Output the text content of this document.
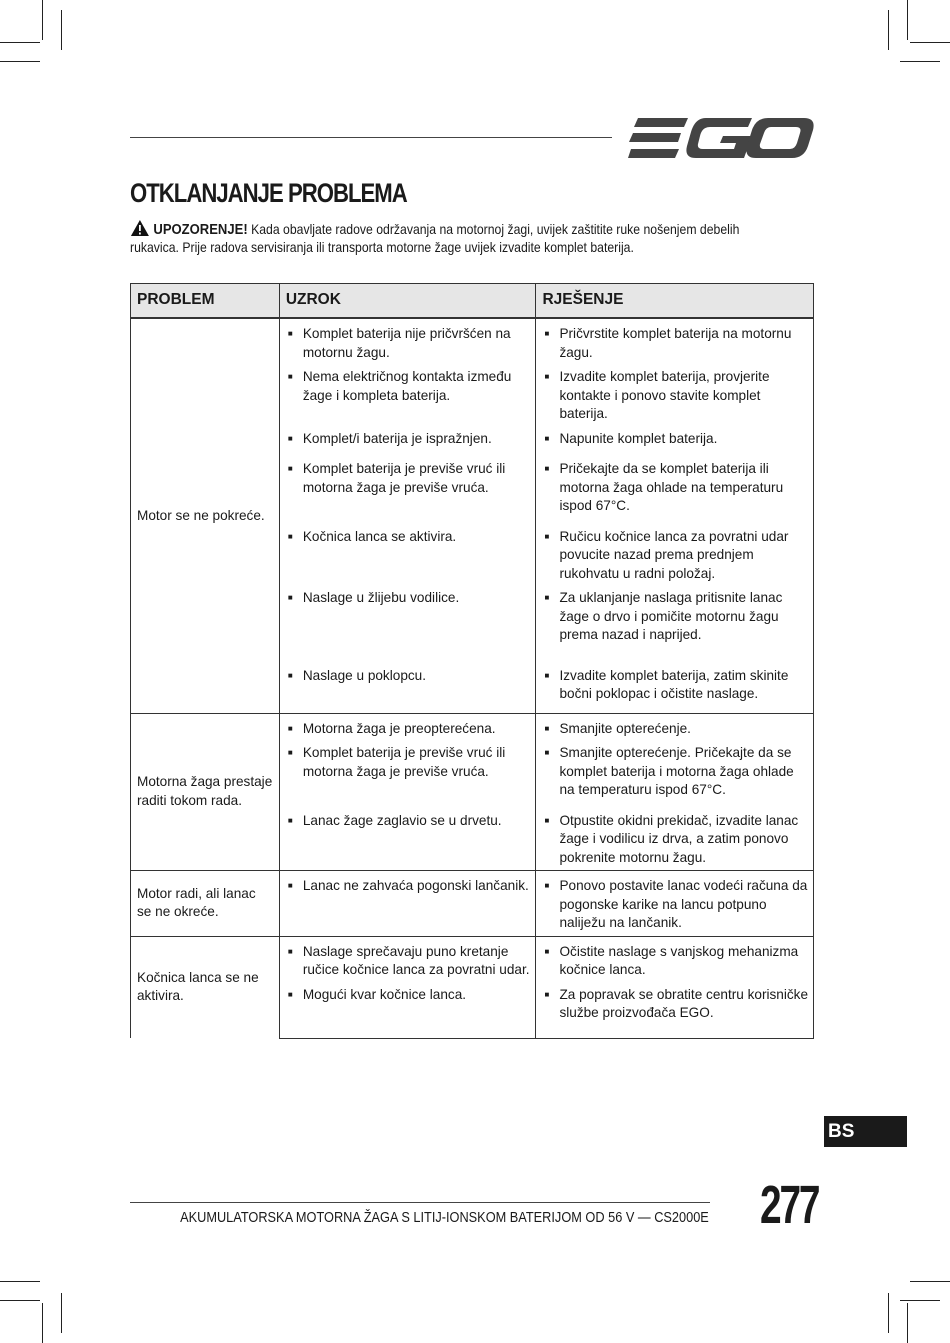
OTKLANJANJE PROBLEMA
UPOZORENJE! Kada obavljate radove održavanja na motornoj žagi, uvijek zaštitite ruke nošenjem debelih rukavica. Prije radova servisiranja ili transporta motorne žage uvijek izvadite komplet baterija.
PROBLEM	UZROK	RJEŠENJE
Motor se ne pokreće.	■ Komplet baterija nije pričvršćen na motornu žagu.	■ Pričvrstite komplet baterija na motornu žagu.

	■ Nema električnog kontakta između žage i kompleta baterija.	■ Izvadite komplet baterija, provjerite kontakte i ponovo stavite komplet baterija.

	■ Komplet/i baterija je ispražnjen.	■ Napunite komplet baterija.

	■ Komplet baterija je previše vruć ili motorna žaga je previše vruća.	■ Pričekajte da se komplet baterija ili motorna žaga ohlade na temperaturu ispod 67°C.

	■ Kočnica lanca se aktivira.	■ Ručicu kočnice lanca za povratni udar povucite nazad prema prednjem rukohvatu u radni položaj.

	■ Naslage u žlijebu vodilice.	■ Za uklanjanje naslaga pritisnite lanac žage o drvo i pomičite motornu žagu prema nazad i naprijed.

	■ Naslage u poklopcu.	■ Izvadite komplet baterija, zatim skinite bočni poklopac i očistite naslage.

Motorna žaga prestaje raditi tokom rada.	■ Motorna žaga je preopterećena.	■ Smanjite opterećenje.

	■ Komplet baterija je previše vruć ili motorna žaga je previše vruća.	■ Smanjite opterećenje. Pričekajte da se komplet baterija i motorna žaga ohlade na temperaturu ispod 67°C.

	■ Lanac žage zaglavio se u drvetu.	■ Otpustite okidni prekidač, izvadite lanac žage i vodilicu iz drva, a zatim ponovo pokrenite motornu žagu.

Motor radi, ali lanac se ne okreće.	■ Lanac ne zahvaća pogonski lančanik.	■ Ponovo postavite lanac vodeći računa da pogonske karike na lancu potpuno naliježu na lančanik.

Kočnica lanca se ne aktivira.	■ Naslage sprečavaju puno kretanje ručice kočnice lanca za povratni udar.	■ Očistite naslage s vanjskog mehanizma kočnice lanca.

	■ Mogući kvar kočnice lanca.	■ Za popravak se obratite centru korisničke službe proizvođača EGO.
BS
277
AKUMULATORSKA MOTORNA ŽAGA S LITIJ-IONSKOM BATERIJOM OD 56 V — CS2000E
